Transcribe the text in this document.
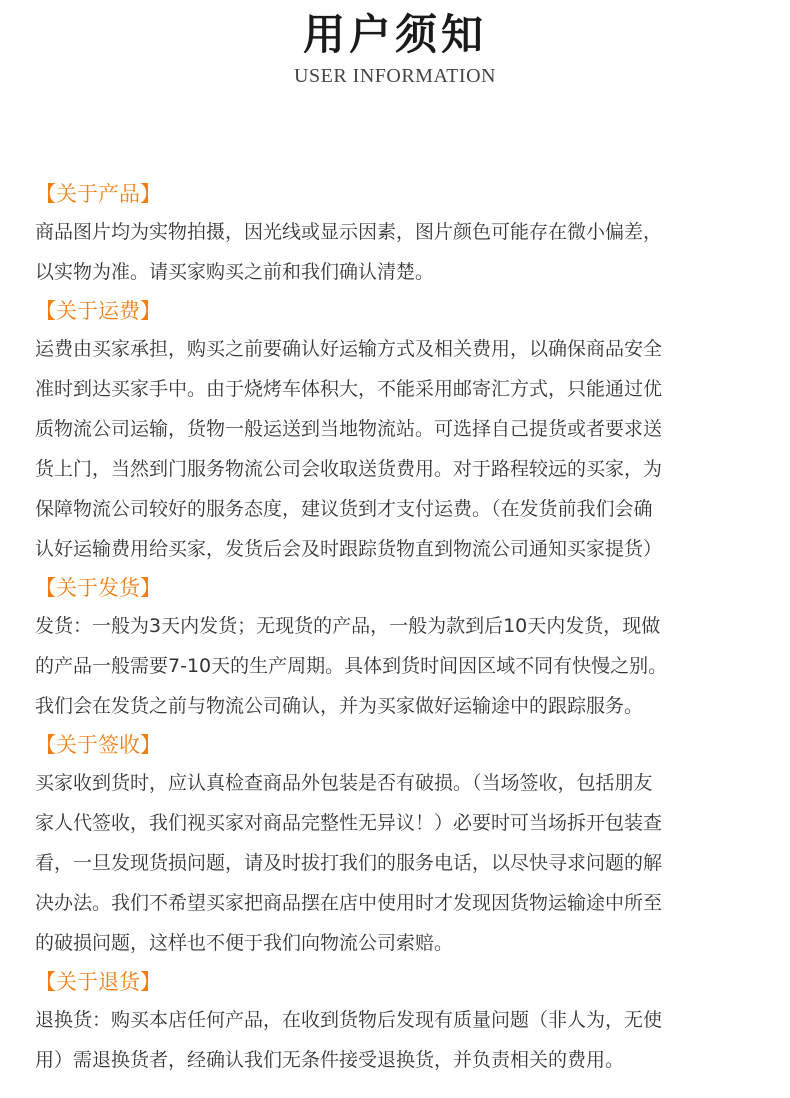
用户须知
USER INFORMATION
【关于产品】
商品图片均为实物拍摄，因光线或显示因素，图片颜色可能存在微小偏差，
以实物为准。请买家购买之前和我们确认清楚。
【关于运费】
运费由买家承担，购买之前要确认好运输方式及相关费用，以确保商品安全
准时到达买家手中。由于烧烤车体积大，不能采用邮寄汇方式，只能通过优
质物流公司运输，货物一般运送到当地物流站。可选择自己提货或者要求送
货上门，当然到门服务物流公司会收取送货费用。对于路程较远的买家，为
保障物流公司较好的服务态度，建议货到才支付运费。（在发货前我们会确
认好运输费用给买家，发货后会及时跟踪货物直到物流公司通知买家提货）
【关于发货】
发货：一般为3天内发货；无现货的产品，一般为款到后10天内发货，现做
的产品一般需要7-10天的生产周期。具体到货时间因区域不同有快慢之别。
我们会在发货之前与物流公司确认，并为买家做好运输途中的跟踪服务。
【关于签收】
买家收到货时，应认真检查商品外包装是否有破损。（当场签收，包括朋友
家人代签收，我们视买家对商品完整性无异议！）必要时可当场拆开包装查
看，一旦发现货损问题，请及时拔打我们的服务电话，以尽快寻求问题的解
决办法。我们不希望买家把商品摆在店中使用时才发现因货物运输途中所至
的破损问题，这样也不便于我们向物流公司索赔。
【关于退货】
退换货：购买本店任何产品，在收到货物后发现有质量问题（非人为，无使
用）需退换货者，经确认我们无条件接受退换货，并负责相关的费用。
